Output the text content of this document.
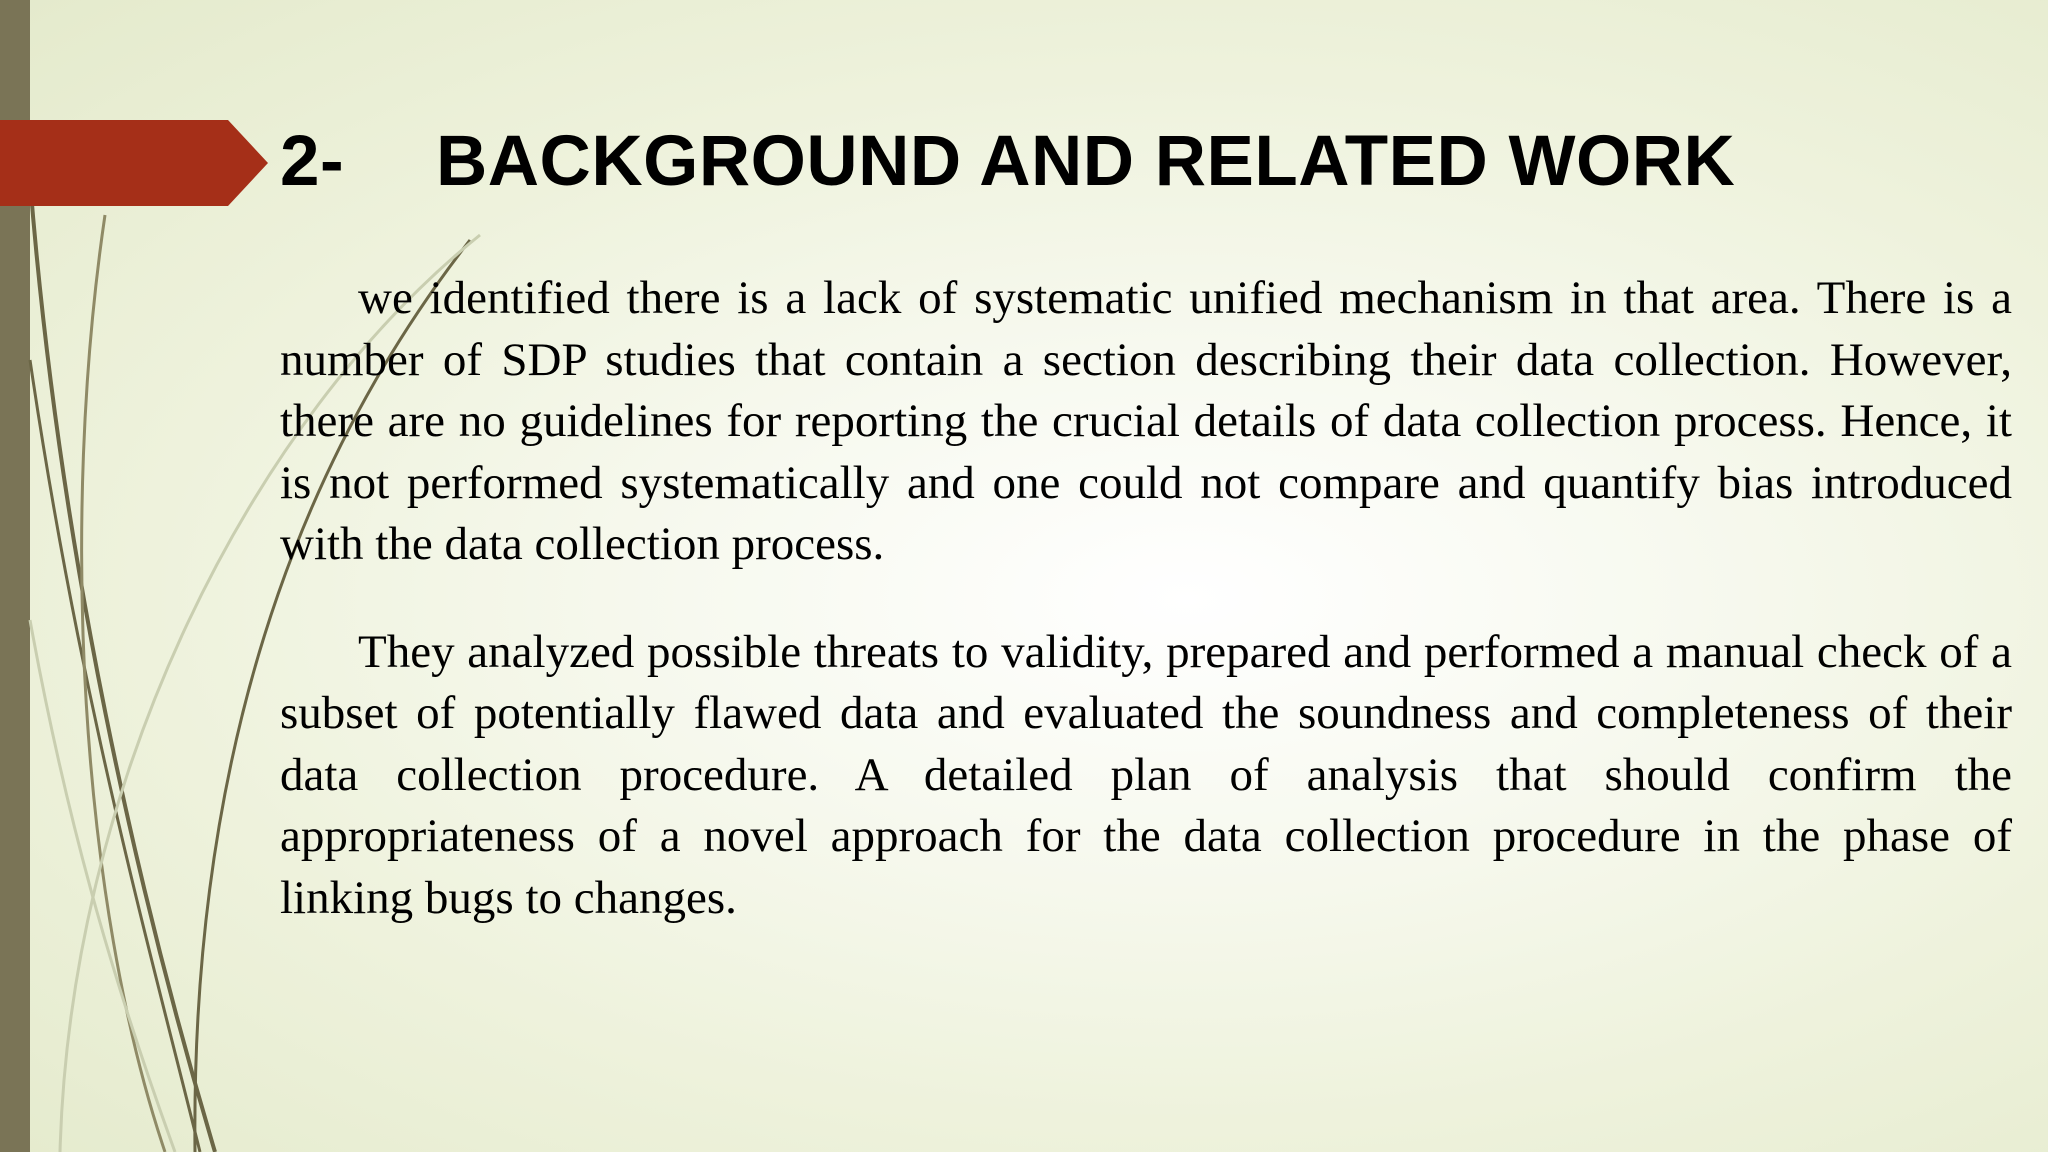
2- BACKGROUND AND RELATED WORK

we identified there is a lack of systematic unified mechanism in that area. There is a number of SDP studies that contain a section describing their data collection. However, there are no guidelines for reporting the crucial details of data collection process. Hence, it is not performed systematically and one could not compare and quantify bias introduced with the data collection process.

They analyzed possible threats to validity, prepared and performed a manual check of a subset of potentially flawed data and evaluated the soundness and completeness of their data collection procedure. A detailed plan of analysis that should confirm the appropriateness of a novel approach for the data collection procedure in the phase of linking bugs to changes.
